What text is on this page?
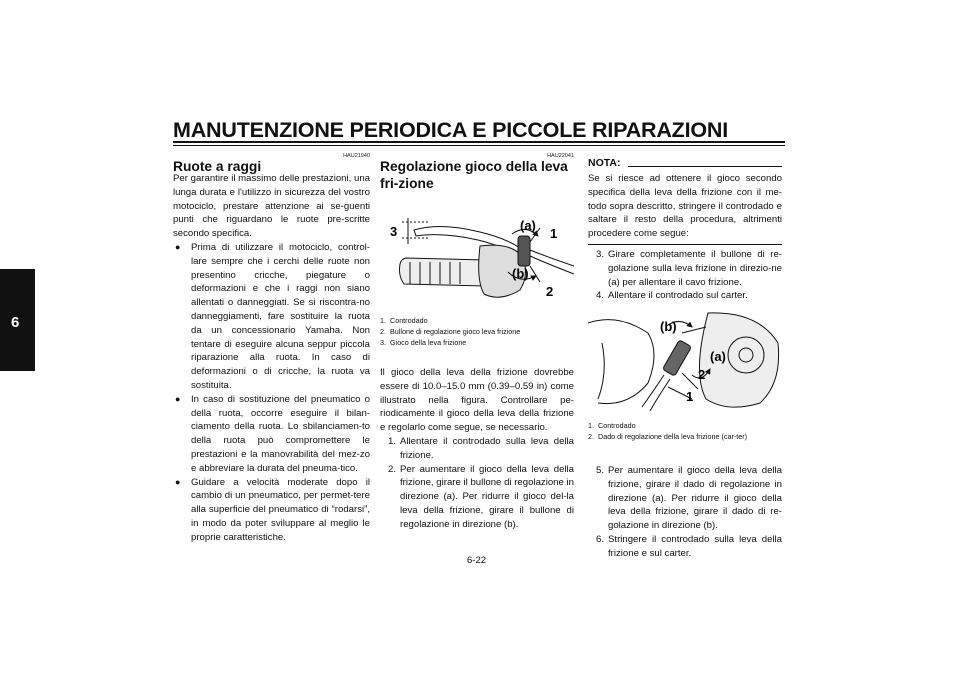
MANUTENZIONE PERIODICA E PICCOLE RIPARAZIONI
6
HAU21940
Ruote a raggi

Per garantire il massimo delle prestazioni, una lunga durata e l'utilizzo in sicurezza del vostro motociclo, prestare attenzione ai se-guenti punti che riguardano le ruote pre-scritte secondo specifica.

● Prima di utilizzare il motociclo, control-lare sempre che i cerchi delle ruote non presentino cricche, piegature o deformazioni e che i raggi non siano allentati o danneggiati. Se si riscontra-no danneggiamenti, fare sostituire la ruota da un concessionario Yamaha. Non tentare di eseguire alcuna seppur piccola riparazione alla ruota. In caso di deformazioni o di cricche, la ruota va sostituita.
● In caso di sostituzione del pneumatico o della ruota, occorre eseguire il bilan-ciamento della ruota. Lo sbilanciamen-to della ruota può compromettere le prestazioni e la manovrabilità del mez-zo e abbreviare la durata del pneuma-tico.
● Guidare a velocità moderate dopo il cambio di un pneumatico, per permet-tere alla superficie del pneumatico di “rodarsi”, in modo da poter sviluppare al meglio le proprie caratteristiche.
HAU22041
Regolazione gioco della leva fri-zione
(a)
(b)
1
2
3
1. Controdado
2. Bullone di regolazione gioco leva frizione
3. Gioco della leva frizione

Il gioco della leva della frizione dovrebbe essere di 10.0–15.0 mm (0.39–0.59 in) come illustrato nella figura. Controllare pe-riodicamente il gioco della leva della frizione e regolarlo come segue, se necessario.

1. Allentare il controdado sulla leva della frizione.
2. Per aumentare il gioco della leva della frizione, girare il bullone di regolazione in direzione (a). Per ridurre il gioco del-la leva della frizione, girare il bullone di regolazione in direzione (b).
NOTA:

Se si riesce ad ottenere il gioco secondo specifica della leva della frizione con il me-todo sopra descritto, stringere il controdado e saltare il resto della procedura, altrimenti procedere come segue:

3. Girare completamente il bullone di re-golazione sulla leva frizione in direzio-ne (a) per allentare il cavo frizione.
4. Allentare il controdado sul carter.
(b)
(a)
2
1
1. Controdado
2. Dado di regolazione della leva frizione (car-ter)
5. Per aumentare il gioco della leva della frizione, girare il dado di regolazione in direzione (a). Per ridurre il gioco della leva della frizione, girare il dado di re-golazione in direzione (b).
6. Stringere il controdado sulla leva della frizione e sul carter.
6-22
